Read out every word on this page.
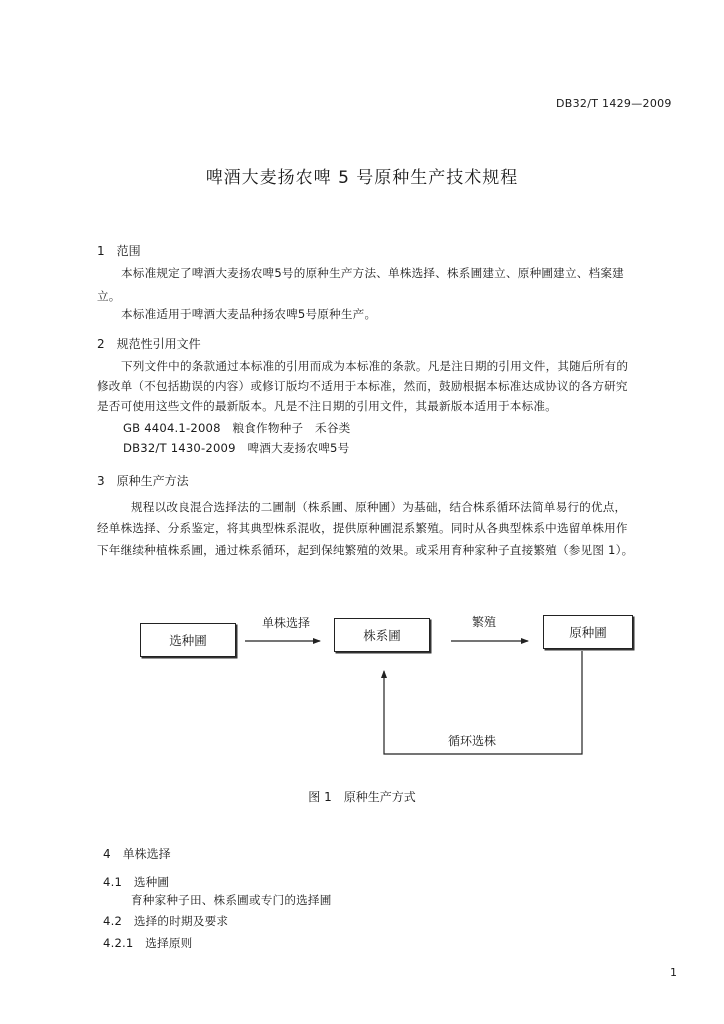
DB32/T 1429—2009
啤酒大麦扬农啤 5 号原种生产技术规程
1　范围
本标准规定了啤酒大麦扬农啤5号的原种生产方法、单株选择、株系圃建立、原种圃建立、档案建
立。
本标准适用于啤酒大麦品种扬农啤5号原种生产。
2　规范性引用文件
下列文件中的条款通过本标准的引用而成为本标准的条款。凡是注日期的引用文件，其随后所有的
修改单（不包括勘误的内容）或修订版均不适用于本标准，然而，鼓励根据本标准达成协议的各方研究
是否可使用这些文件的最新版本。凡是不注日期的引用文件，其最新版本适用于本标准。
GB 4404.1-2008　粮食作物种子　禾谷类
DB32/T 1430-2009　啤酒大麦扬农啤5号
3　原种生产方法
规程以改良混合选择法的二圃制（株系圃、原种圃）为基础，结合株系循环法简单易行的优点，
经单株选择、分系鉴定，将其典型株系混收，提供原种圃混系繁殖。同时从各典型株系中选留单株用作
下年继续种植株系圃，通过株系循环，起到保纯繁殖的效果。或采用育种家种子直接繁殖（参见图 1）。
选种圃	株系圃	原种圃
单株选择	繁殖
循环选株
图 1　原种生产方式
4　单株选择
4.1　选种圃
育种家种子田、株系圃或专门的选择圃
4.2　选择的时期及要求
4.2.1　选择原则
1
